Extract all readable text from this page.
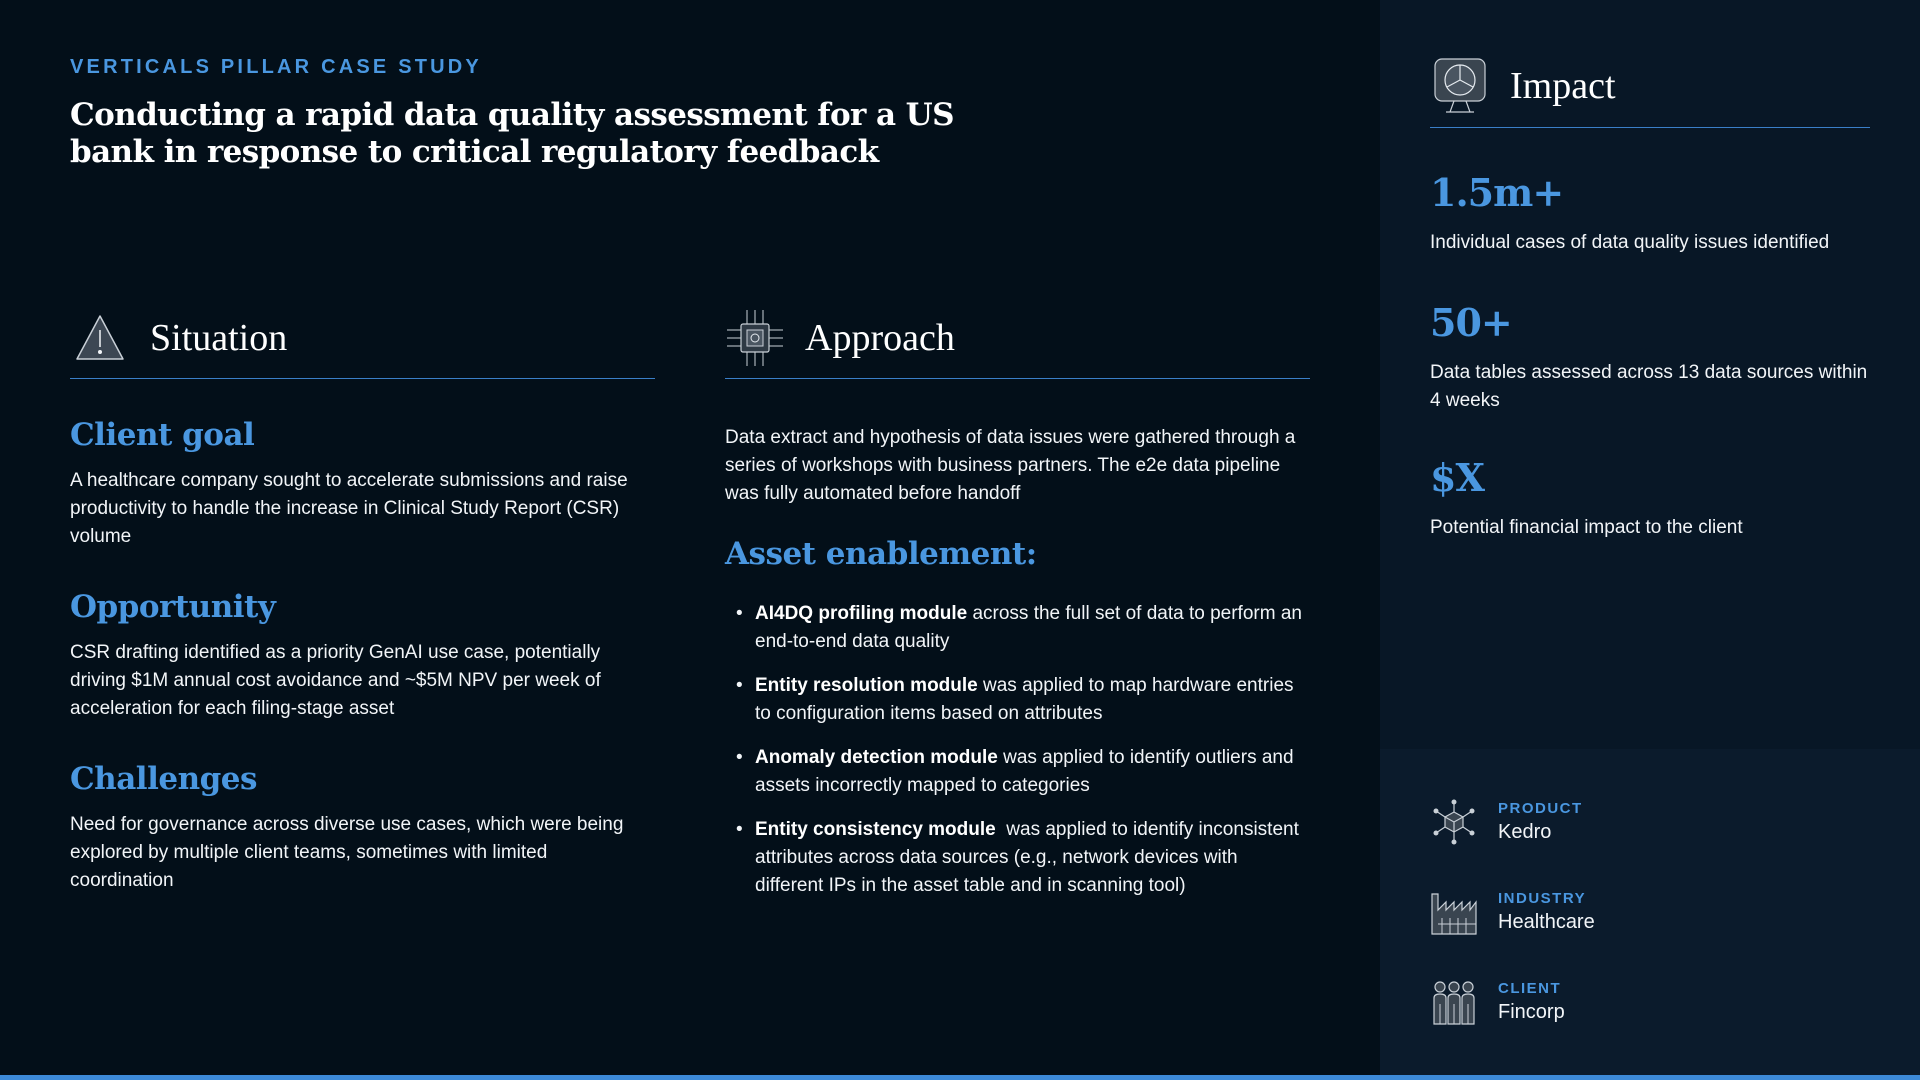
VERTICALS PILLAR CASE STUDY
Conducting a rapid data quality assessment for a US bank in response to critical regulatory feedback
Situation
Client goal

A healthcare company sought to accelerate submissions and raise productivity to handle the increase in Clinical Study Report (CSR) volume

Opportunity

CSR drafting identified as a priority GenAI use case, potentially driving $1M annual cost avoidance and ~$5M NPV per week of acceleration for each filing-stage asset

Challenges

Need for governance across diverse use cases, which were being explored by multiple client teams, sometimes with limited coordination

Approach

Data extract and hypothesis of data issues were gathered through a series of workshops with business partners. The e2e data pipeline was fully automated before handoff

Asset enablement:
• AI4DQ profiling module across the full set of data to perform an end-to-end data quality
• Entity resolution module was applied to map hardware entries to configuration items based on attributes
• Anomaly detection module was applied to identify outliers and assets incorrectly mapped to categories
• Entity consistency module  was applied to identify inconsistent attributes across data sources (e.g., network devices with different IPs in the asset table and in scanning tool)
Impact
1.5m+
Individual cases of data quality issues identified
50+
Data tables assessed across 13 data sources within 4 weeks
$X
Potential financial impact to the client
PRODUCT
Kedro
INDUSTRY
Healthcare
CLIENT
Fincorp
